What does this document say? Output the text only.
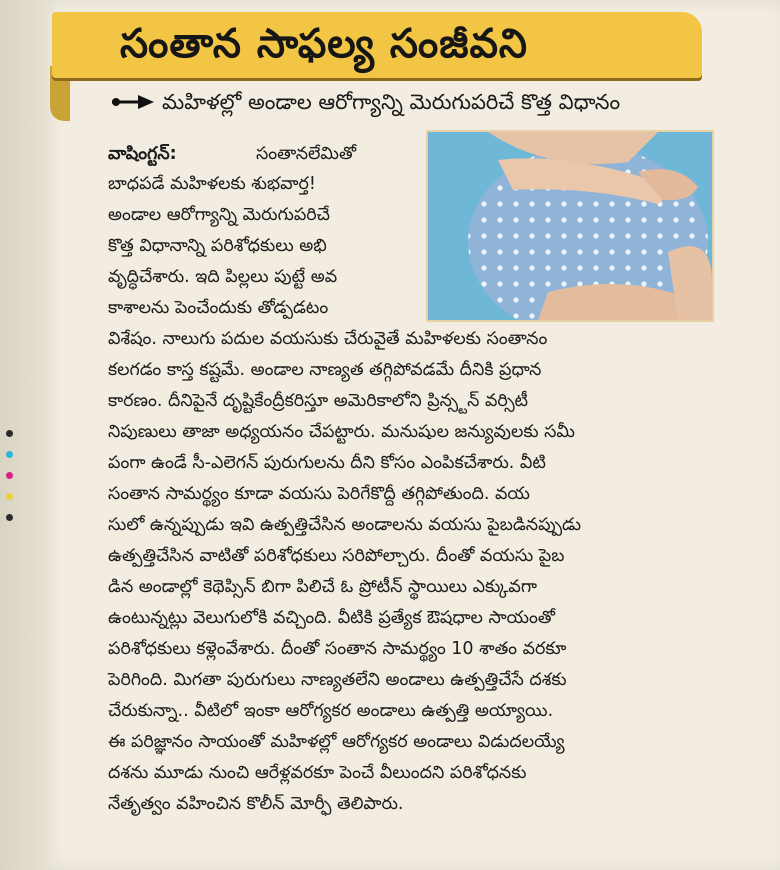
సంతాన సాఫల్య సంజీవని
మహిళల్లో అండాల ఆరోగ్యాన్ని మెరుగుపరిచే కొత్త విధానం
వాషింగ్టన్:	సంతానలేమితో
బాధపడే మహిళలకు శుభవార్త!
అండాల ఆరోగ్యాన్ని మెరుగుపరిచే
కొత్త విధానాన్ని పరిశోధకులు అభి
వృద్ధిచేశారు. ఇది పిల్లలు పుట్టే అవ
కాశాలను పెంచేందుకు తోడ్పడటం
విశేషం. నాలుగు పదుల వయసుకు చేరువైతే మహిళలకు సంతానం
కలగడం కాస్త కష్టమే. అండాల నాణ్యత తగ్గిపోవడమే దీనికి ప్రధాన
కారణం. దీనిపైనే దృష్టికేంద్రీకరిస్తూ అమెరికాలోని ప్రిన్స్టన్ వర్సిటీ
నిపుణులు తాజా అధ్యయనం చేపట్టారు. మనుషుల జన్యువులకు సమీ
పంగా ఉండే సీ-ఎలెగన్ పురుగులను దీని కోసం ఎంపికచేశారు. వీటి
సంతాన సామర్థ్యం కూడా వయసు పెరిగేకొద్దీ తగ్గిపోతుంది. వయ
సులో ఉన్నప్పుడు ఇవి ఉత్పత్తిచేసిన అండాలను వయసు పైబడినప్పుడు
ఉత్పత్తిచేసిన వాటితో పరిశోధకులు సరిపోల్చారు. దీంతో వయసు పైబ
డిన అండాల్లో కెథెప్సిన్ బిగా పిలిచే ఓ ప్రోటీన్ స్థాయిలు ఎక్కువగా
ఉంటున్నట్లు వెలుగులోకి వచ్చింది. వీటికి ప్రత్యేక ఔషధాల సాయంతో
పరిశోధకులు కళ్లెంవేశారు. దీంతో సంతాన సామర్థ్యం 10 శాతం వరకూ
పెరిగింది. మిగతా పురుగులు నాణ్యతలేని అండాలు ఉత్పత్తిచేసే దశకు
చేరుకున్నా.. వీటిలో ఇంకా ఆరోగ్యకర అండాలు ఉత్పత్తి అయ్యాయి.
ఈ పరిజ్ఞానం సాయంతో మహిళల్లో ఆరోగ్యకర అండాలు విడుదలయ్యే
దశను మూడు నుంచి ఆరేళ్లవరకూ పెంచే వీలుందని పరిశోధనకు
నేతృత్వం వహించిన కొలీన్ మోర్ఫీ తెలిపారు.
